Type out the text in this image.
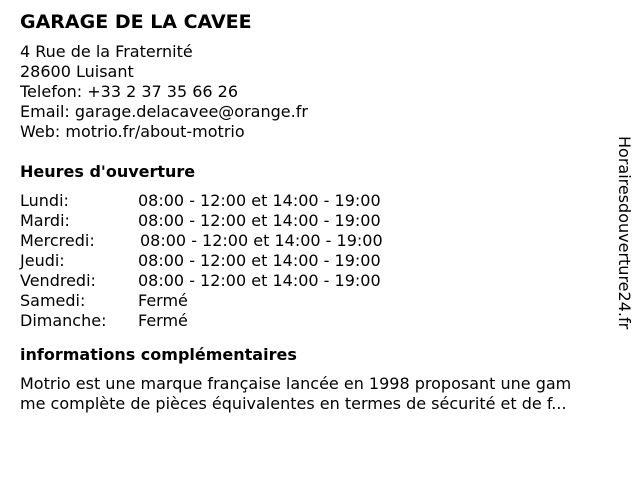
GARAGE DE LA CAVEE
4 Rue de la Fraternité
28600 Luisant
Telefon: +33 2 37 35 66 26
Email: garage.delacavee@orange.fr
Web: motrio.fr/about-motrio
Heures d'ouverture
Lundi:	08:00 - 12:00 et 14:00 - 19:00
Mardi:	08:00 - 12:00 et 14:00 - 19:00
Mercredi:	08:00 - 12:00 et 14:00 - 19:00
Jeudi:	08:00 - 12:00 et 14:00 - 19:00
Vendredi:	08:00 - 12:00 et 14:00 - 19:00
Samedi:	Fermé
Dimanche:	Fermé
informations complémentaires
Motrio est une marque française lancée en 1998 proposant une gam
me complète de pièces équivalentes en termes de sécurité et de f...
Horairesdouverture24.fr
